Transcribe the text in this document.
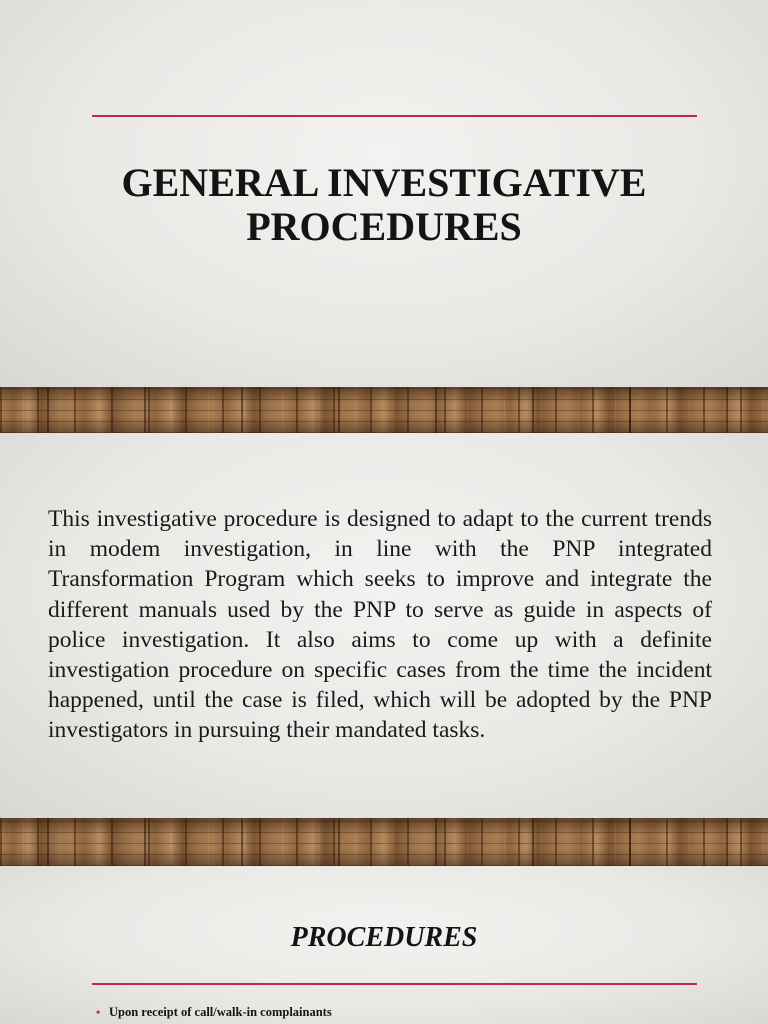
GENERAL INVESTIGATIVE
PROCEDURES

This investigative procedure is designed to adapt to the current trends in modem investigation, in line with the PNP integrated Transformation Program which seeks to improve and integrate the different manuals used by the PNP to serve as guide in aspects of police investigation. It also aims to come up with a definite investigation procedure on specific cases from the time the incident happened, until the case is filed, which will be adopted by the PNP investigators in pursuing their mandated tasks.

PROCEDURES
• Upon receipt of call/walk-in complainants
